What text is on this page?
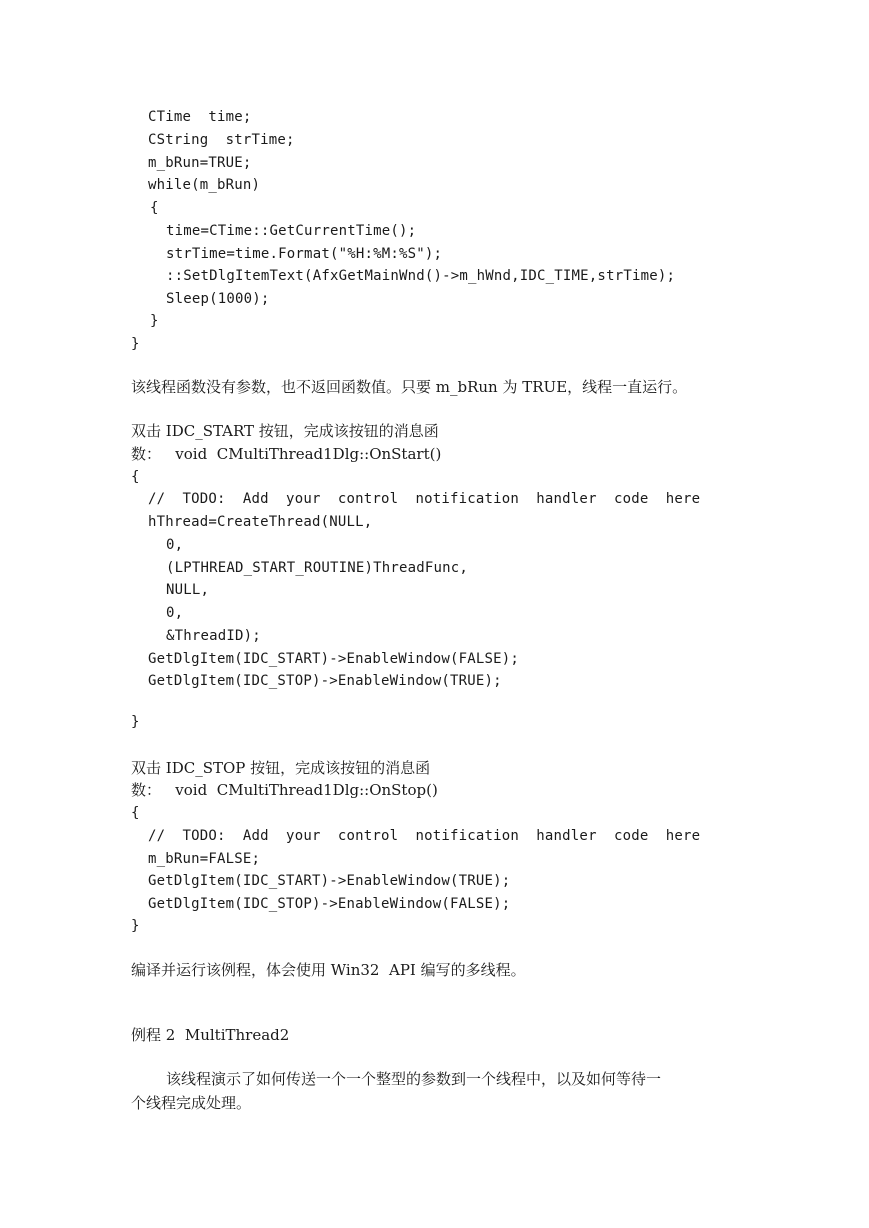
CTime  time;
CString  strTime;
m_bRun=TRUE;
while(m_bRun)
{
time=CTime::GetCurrentTime();
strTime=time.Format("%H:%M:%S");
::SetDlgItemText(AfxGetMainWnd()->m_hWnd,IDC_TIME,strTime);
Sleep(1000);
}
}
该线程函数没有参数，也不返回函数值。只要 m_bRun 为 TRUE，线程一直运行。
双击 IDC_START 按钮，完成该按钮的消息函
数：   void  CMultiThread1Dlg::OnStart()
{
//  TODO:  Add  your  control  notification  handler  code  here
hThread=CreateThread(NULL,
0,
(LPTHREAD_START_ROUTINE)ThreadFunc,
NULL,
0,
&ThreadID);
GetDlgItem(IDC_START)->EnableWindow(FALSE);
GetDlgItem(IDC_STOP)->EnableWindow(TRUE);
}
双击 IDC_STOP 按钮，完成该按钮的消息函
数：   void  CMultiThread1Dlg::OnStop()
{
//  TODO:  Add  your  control  notification  handler  code  here
m_bRun=FALSE;
GetDlgItem(IDC_START)->EnableWindow(TRUE);
GetDlgItem(IDC_STOP)->EnableWindow(FALSE);
}
编译并运行该例程，体会使用 Win32  API 编写的多线程。
例程 2  MultiThread2
该线程演示了如何传送一个一个整型的参数到一个线程中，以及如何等待一
个线程完成处理。
